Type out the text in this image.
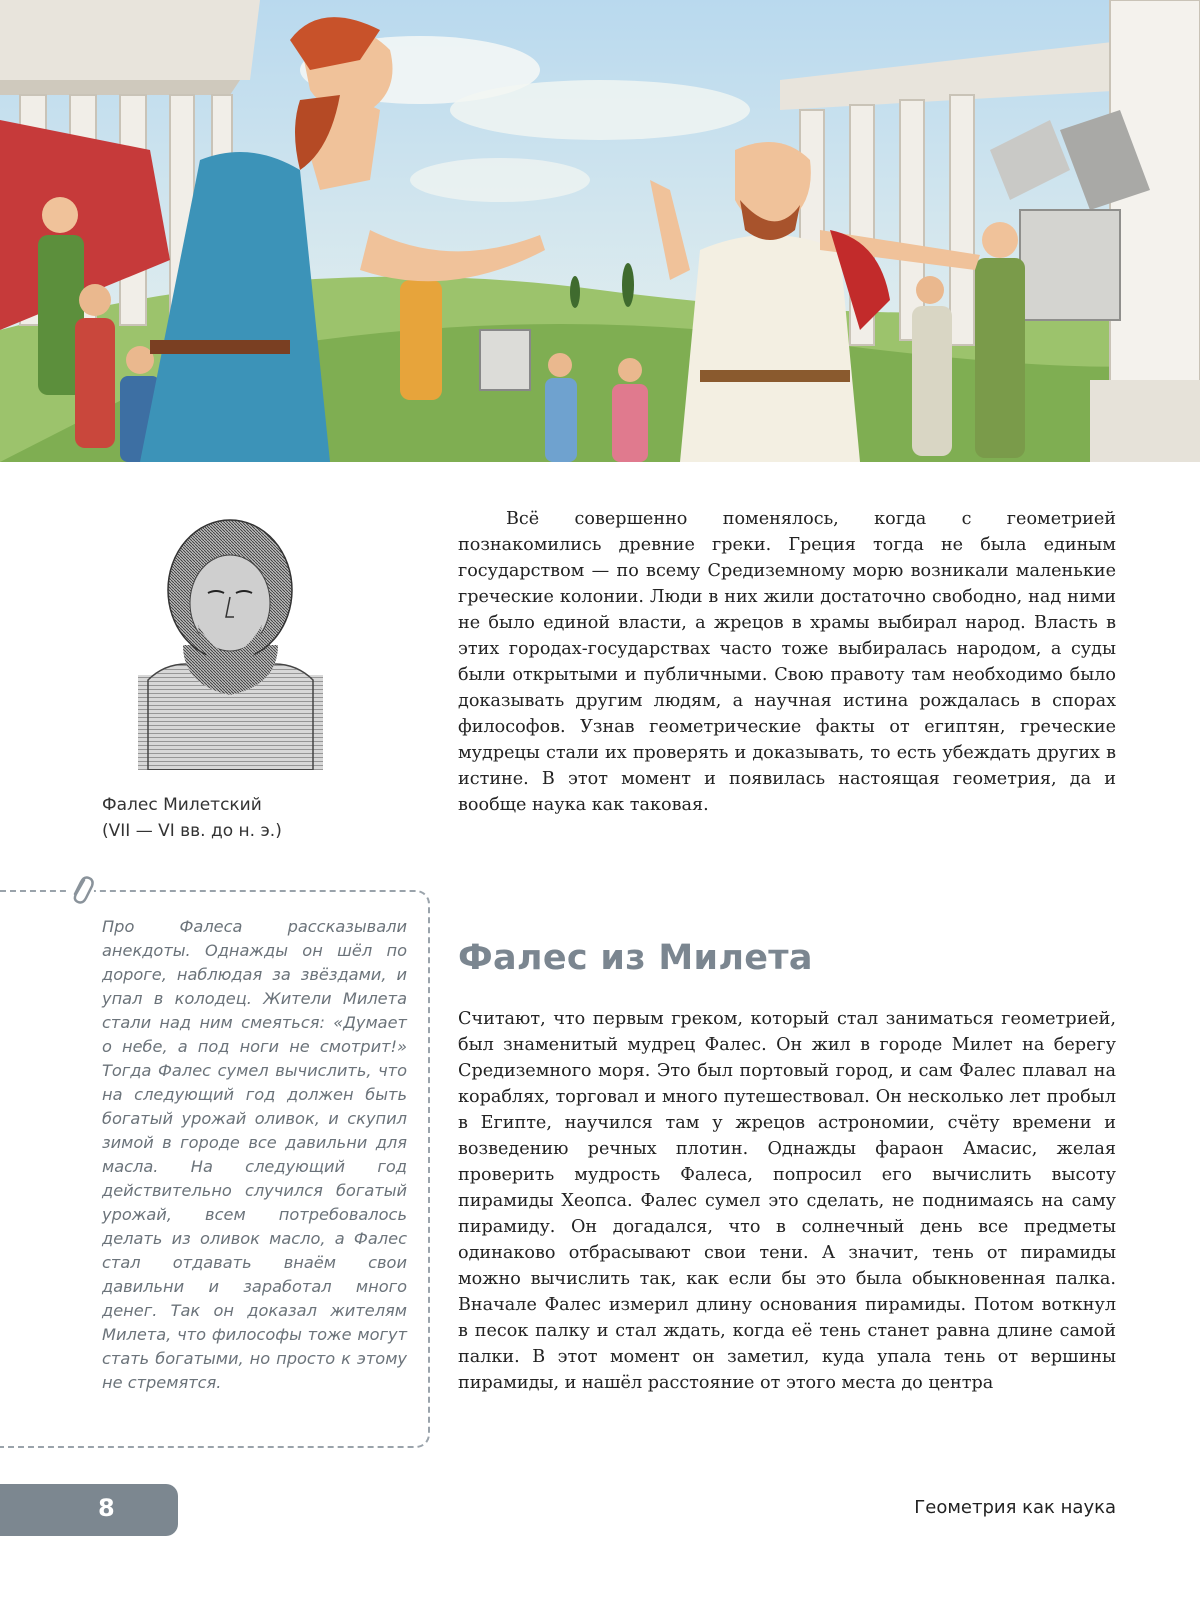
Фалес Милетский
(VII — VI вв. до н. э.)
Про Фалеса рассказывали анекдоты. Однажды он шёл по дороге, наблюдая за звёздами, и упал в колодец. Жители Милета стали над ним смеяться: «Думает о небе, а под ноги не смотрит!» Тогда Фалес сумел вычислить, что на следующий год должен быть богатый урожай оливок, и скупил зимой в городе все давильни для масла. На следующий год действительно случился богатый урожай, всем потребовалось делать из оливок масло, а Фалес стал отдавать внаём свои давильни и заработал много денег. Так он доказал жителям Милета, что философы тоже могут стать богатыми, но просто к этому не стремятся.
Всё совершенно поменялось, когда с геометрией познакомились древние греки. Греция тогда не была единым государством — по всему Средиземному морю возникали маленькие греческие колонии. Люди в них жили достаточно свободно, над ними не было единой власти, а жрецов в храмы выбирал народ. Власть в этих городах-государствах часто тоже выбиралась народом, а суды были открытыми и публичными. Свою правоту там необходимо было доказывать другим людям, а научная истина рождалась в спорах философов. Узнав геометрические факты от египтян, греческие мудрецы стали их проверять и доказывать, то есть убеждать других в истине. В этот момент и появилась настоящая геометрия, да и вообще наука как таковая.
Фалес из Милета
Считают, что первым греком, который стал заниматься геометрией, был знаменитый мудрец Фалес. Он жил в городе Милет на берегу Средиземного моря. Это был портовый город, и сам Фалес плавал на кораблях, торговал и много путешествовал. Он несколько лет пробыл в Египте, научился там у жрецов астрономии, счёту времени и возведению речных плотин. Однажды фараон Амасис, желая проверить мудрость Фалеса, попросил его вычислить высоту пирамиды Хеопса. Фалес сумел это сделать, не поднимаясь на саму пирамиду. Он догадался, что в солнечный день все предметы одинаково отбрасывают свои тени. А значит, тень от пирамиды можно вычислить так, как если бы это была обыкновенная палка. Вначале Фалес измерил длину основания пирамиды. Потом воткнул в песок палку и стал ждать, когда её тень станет равна длине самой палки. В этот момент он заметил, куда упала тень от вершины пирамиды, и нашёл расстояние от этого места до центра
8	Геометрия как наука
